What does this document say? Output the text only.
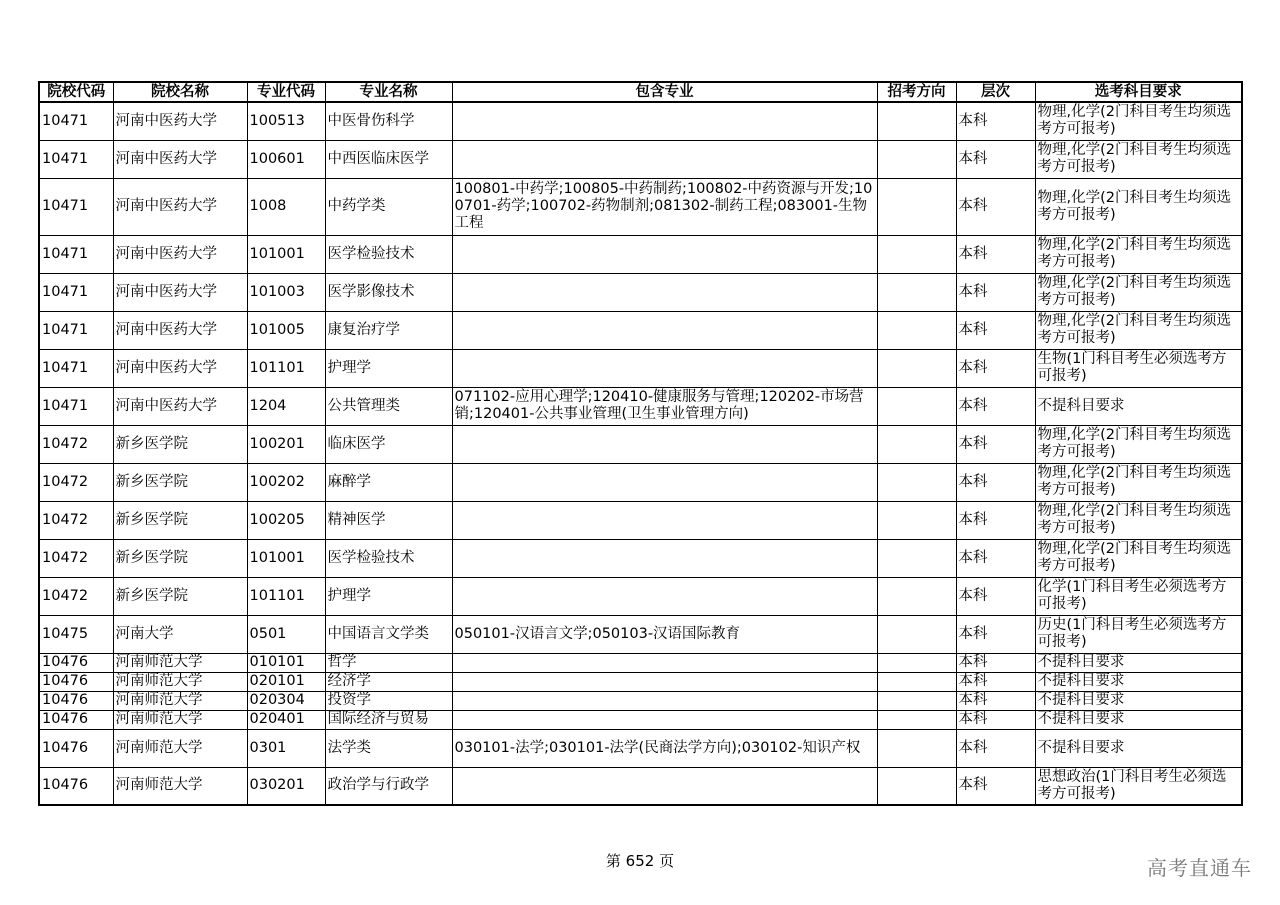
院校代码	院校名称	专业代码	专业名称	包含专业	招考方向	层次	选考科目要求
10471	河南中医药大学	100513	中医骨伤科学			本科	物理,化学(2门科目考生均须选考方可报考)
10471	河南中医药大学	100601	中西医临床医学			本科	物理,化学(2门科目考生均须选考方可报考)
10471	河南中医药大学	1008	中药学类	100801-中药学;100805-中药制药;100802-中药资源与开发;100701-药学;100702-药物制剂;081302-制药工程;083001-生物工程		本科	物理,化学(2门科目考生均须选考方可报考)
10471	河南中医药大学	101001	医学检验技术			本科	物理,化学(2门科目考生均须选考方可报考)
10471	河南中医药大学	101003	医学影像技术			本科	物理,化学(2门科目考生均须选考方可报考)
10471	河南中医药大学	101005	康复治疗学			本科	物理,化学(2门科目考生均须选考方可报考)
10471	河南中医药大学	101101	护理学			本科	生物(1门科目考生必须选考方可报考)
10471	河南中医药大学	1204	公共管理类	071102-应用心理学;120410-健康服务与管理;120202-市场营销;120401-公共事业管理(卫生事业管理方向)		本科	不提科目要求
10472	新乡医学院	100201	临床医学			本科	物理,化学(2门科目考生均须选考方可报考)
10472	新乡医学院	100202	麻醉学			本科	物理,化学(2门科目考生均须选考方可报考)
10472	新乡医学院	100205	精神医学			本科	物理,化学(2门科目考生均须选考方可报考)
10472	新乡医学院	101001	医学检验技术			本科	物理,化学(2门科目考生均须选考方可报考)
10472	新乡医学院	101101	护理学			本科	化学(1门科目考生必须选考方可报考)
10475	河南大学	0501	中国语言文学类	050101-汉语言文学;050103-汉语国际教育		本科	历史(1门科目考生必须选考方可报考)
10476	河南师范大学	010101	哲学			本科	不提科目要求
10476	河南师范大学	020101	经济学			本科	不提科目要求
10476	河南师范大学	020304	投资学			本科	不提科目要求
10476	河南师范大学	020401	国际经济与贸易			本科	不提科目要求
10476	河南师范大学	0301	法学类	030101-法学;030101-法学(民商法学方向);030102-知识产权		本科	不提科目要求
10476	河南师范大学	030201	政治学与行政学			本科	思想政治(1门科目考生必须选考方可报考)
第 652 页	高考直通车
